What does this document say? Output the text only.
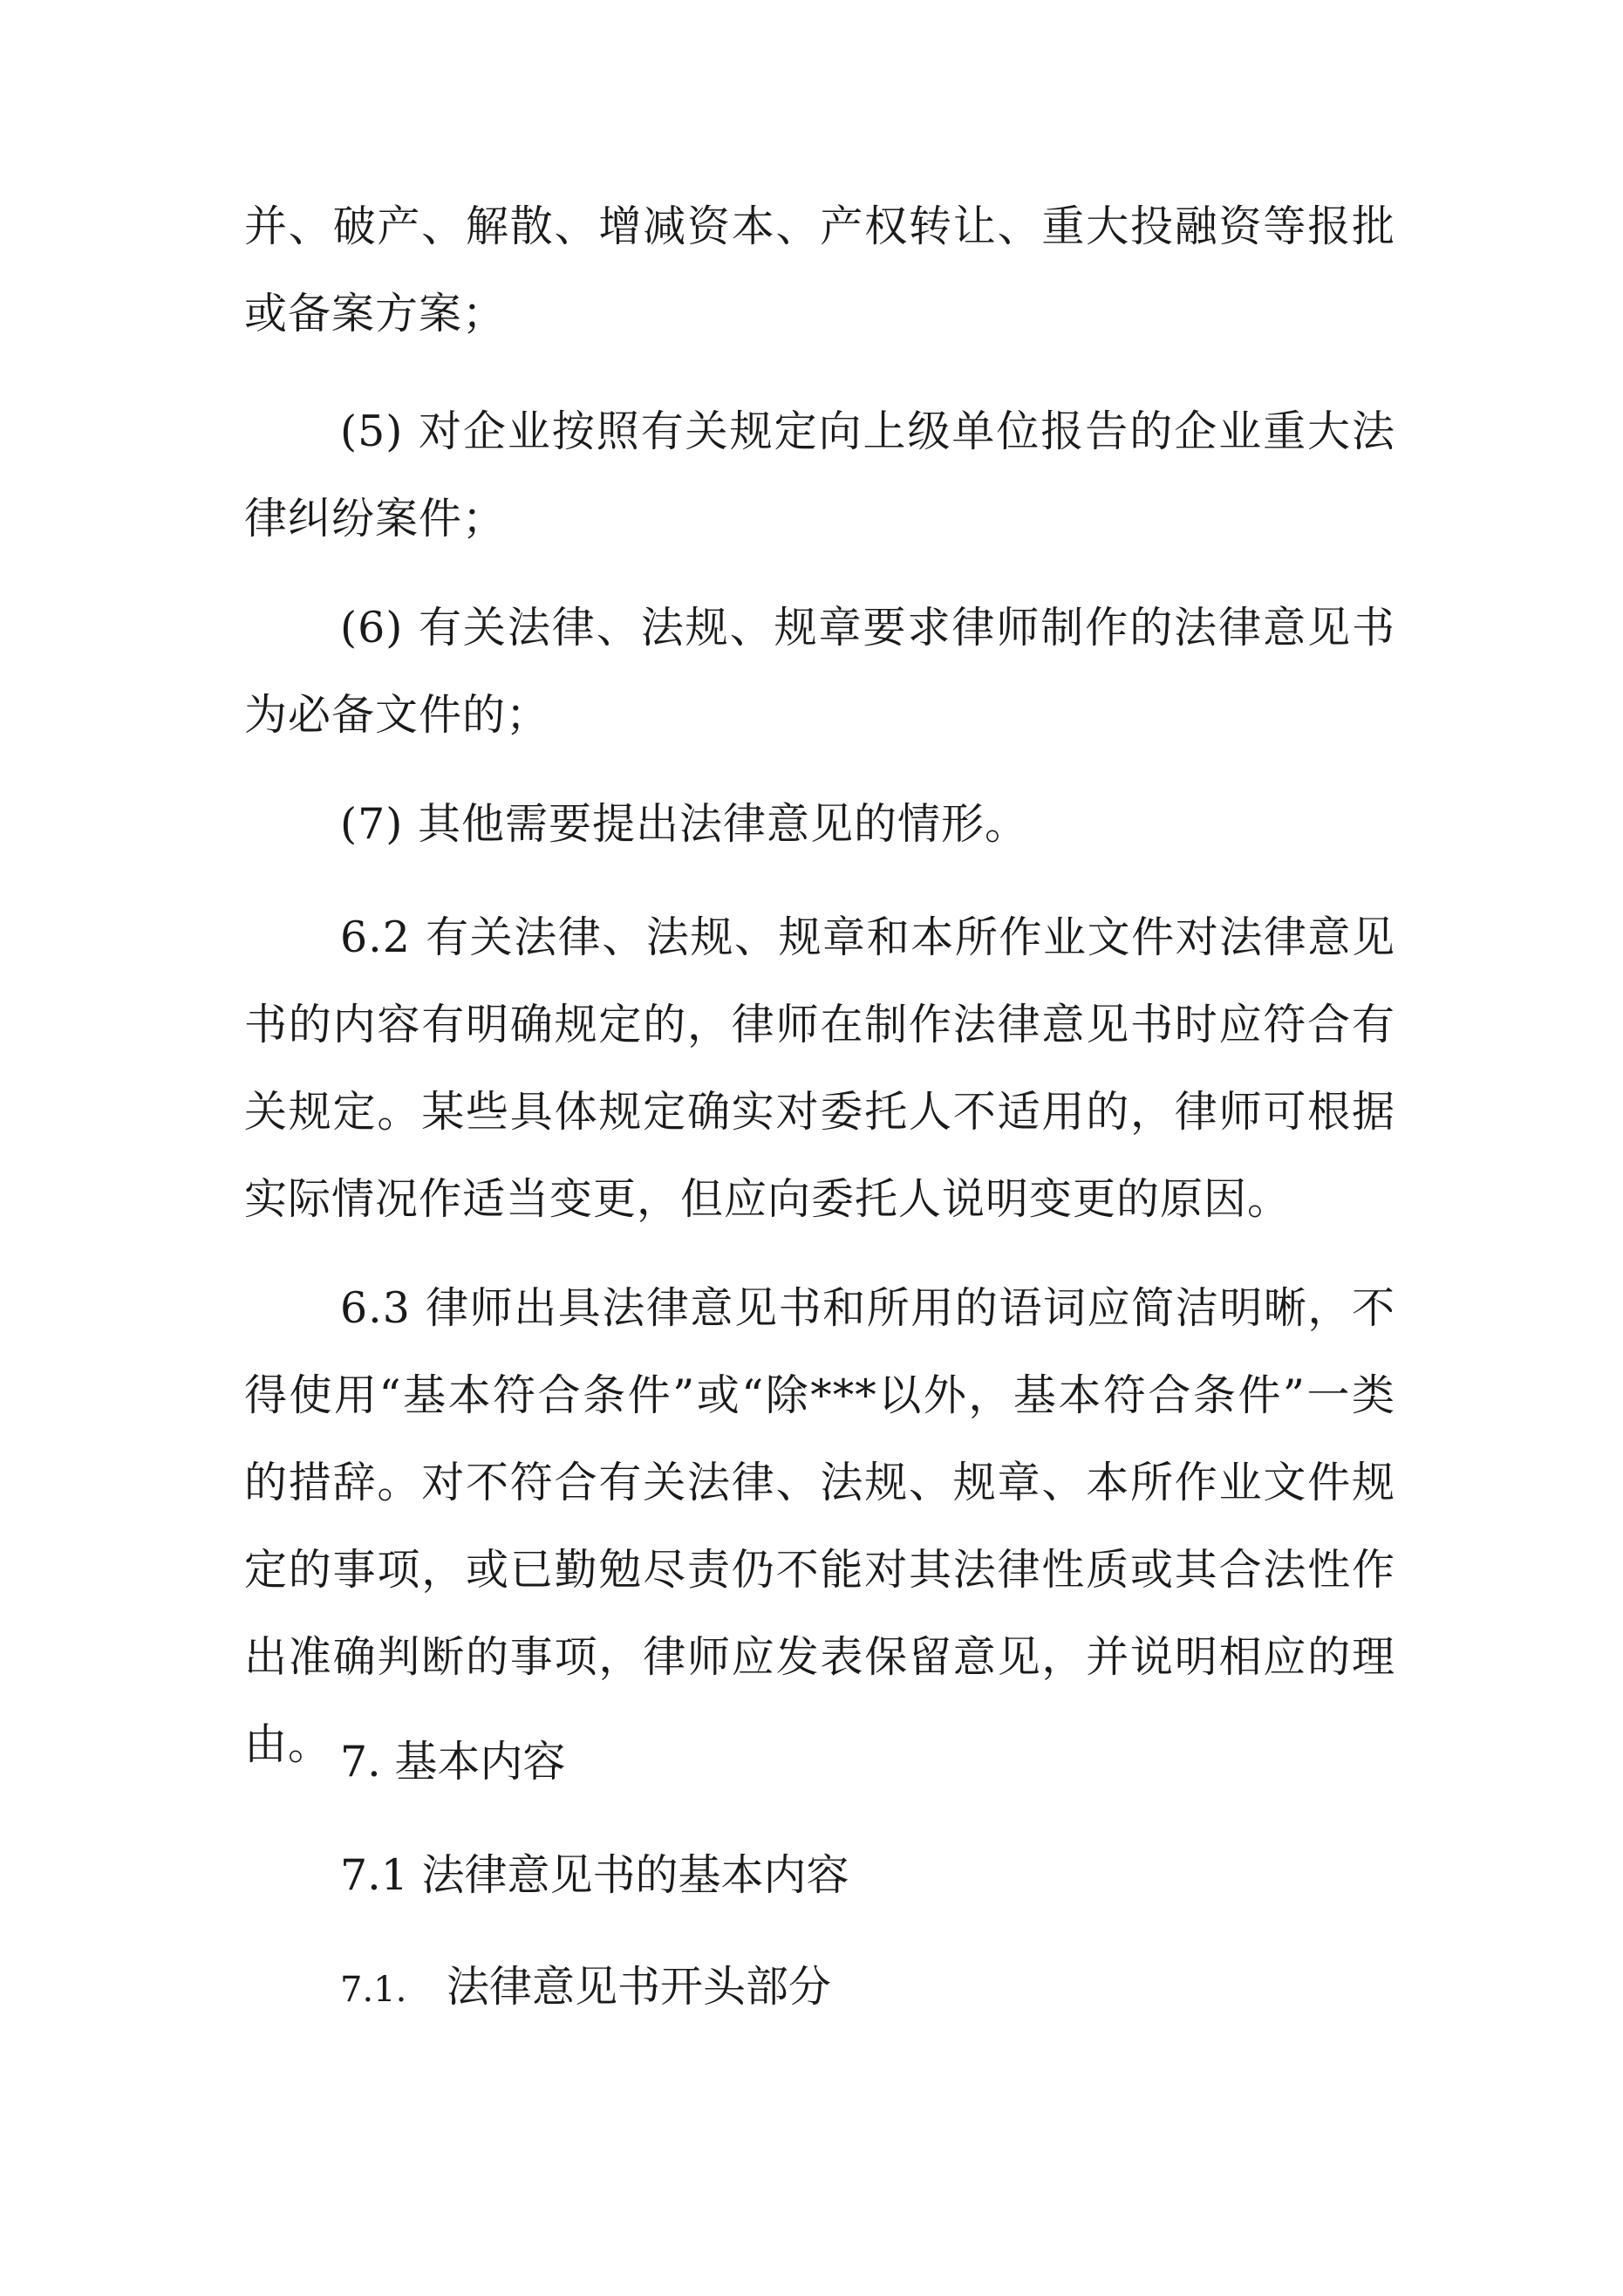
并、破产、解散、增减资本、产权转让、重大投融资等报批或备案方案；

(5) 对企业按照有关规定向上级单位报告的企业重大法律纠纷案件；

(6) 有关法律、法规、规章要求律师制作的法律意见书为必备文件的；

(7) 其他需要提出法律意见的情形。

6.2 有关法律、法规、规章和本所作业文件对法律意见书的内容有明确规定的，律师在制作法律意见书时应符合有关规定。某些具体规定确实对委托人不适用的，律师可根据实际情况作适当变更，但应向委托人说明变更的原因。

6.3 律师出具法律意见书和所用的语词应简洁明晰，不得使用“基本符合条件”或“除***以外，基本符合条件”一类的措辞。对不符合有关法律、法规、规章、本所作业文件规定的事项，或已勤勉尽责仍不能对其法律性质或其合法性作出准确判断的事项，律师应发表保留意见，并说明相应的理由。 7. 基本内容

7.1 法律意见书的基本内容

7.1. 法律意见书开头部分
